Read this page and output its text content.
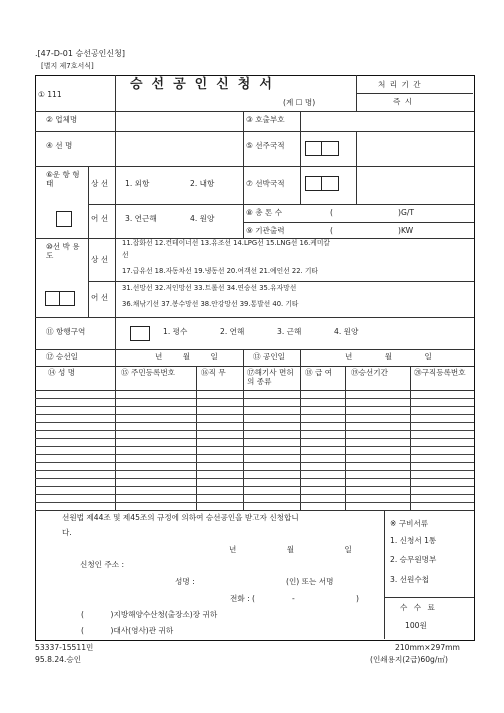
.[47-D-01 승선공인신청]
[별지 제7호서식]
① 111
승선공인신청서
(계 ☐ 명)
처 리 기 간
즉 시
② 업체명	③ 호출부호
④ 선 명	⑤ 선주국적
⑥운 항 형 태	상 선 1. 외항	2. 내항
어 선 3. 연근해	4. 원양
⑦ 선박국적
⑧ 총 톤 수	(	)G/T
⑨ 기관출력	(	)KW
⑩선 박 용 도	상 선
11.잡화선 12.컨테이너선 13.유조선 14.LPG선 15.LNG선 16.케미칼
선
17.급유선 18.자동차선 19.냉동선 20.여객선 21.예인선 22. 기타
어 선
31.선망선 32.저인망선 33.트롤선 34.연승선 35.유자망선
36.채낚기선 37.봉수망선 38.안강망선 39.통발선 40. 기타
⑪ 항행구역	1. 평수	2. 연해	3. 근해	4. 원양
⑫ 승선일	년 월 일	⑬ 공인일	년 월 일
⑭ 성 명	⑮ 주민등록번호	⑯직 무	⑰해기사 면허의 종류
⑱ 급 여 ⑲승선기간	⑳구직등록번호
선원법 제44조 및 제45조의 규정에 의하여 승선공인을 받고자 신청합니
다.
년 월 일
신청인 주소 :
성명 :	(인) 또는 서명
전화 : (	-	)
(           )지방해양수산청(출장소)장 귀하
(           )대사(영사)관 귀하
※ 구비서류
1. 신청서 1통
2. 승무원명부
3. 선원수첩
수 수 료
100원
53337-15511민
95.8.24.승인
210mm×297mm
(인쇄용지(2급)60g/㎡)
